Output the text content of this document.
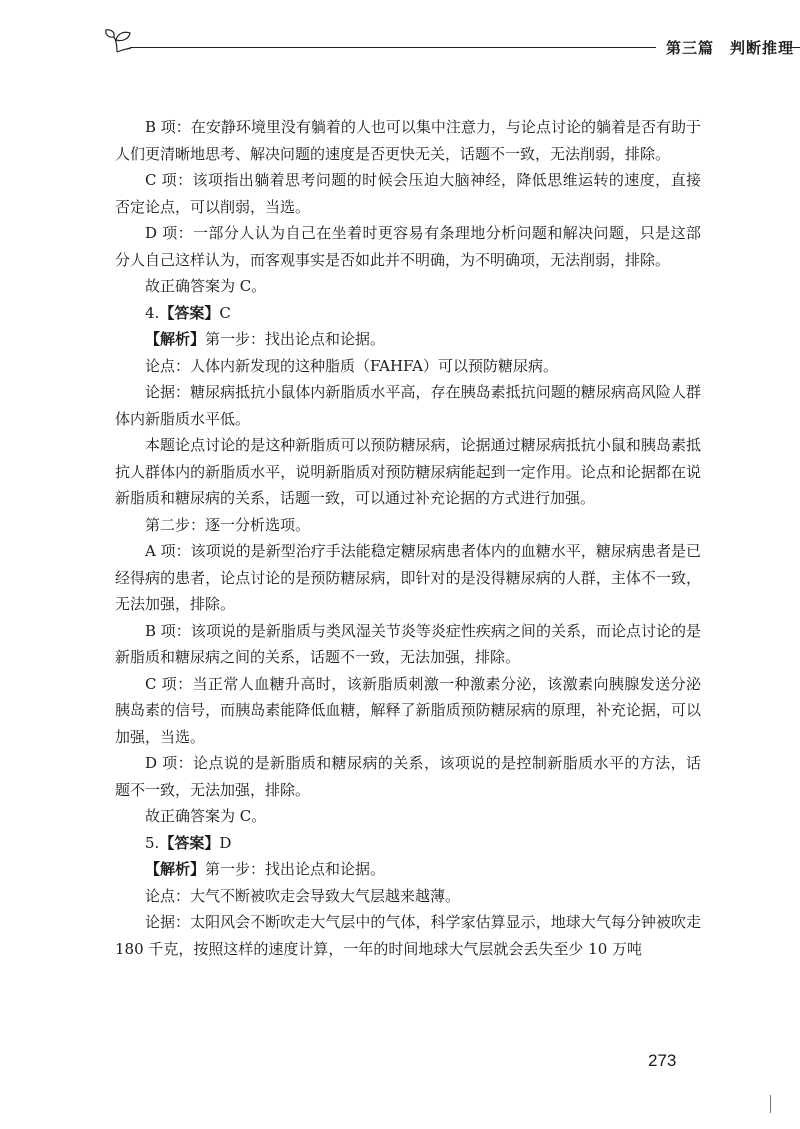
第三篇　判断推理

B 项：在安静环境里没有躺着的人也可以集中注意力，与论点讨论的躺着是否有助于人们更清晰地思考、解决问题的速度是否更快无关，话题不一致，无法削弱，排除。

C 项：该项指出躺着思考问题的时候会压迫大脑神经，降低思维运转的速度，直接否定论点，可以削弱，当选。

D 项：一部分人认为自己在坐着时更容易有条理地分析问题和解决问题，只是这部分人自己这样认为，而客观事实是否如此并不明确，为不明确项，无法削弱，排除。

故正确答案为 C。

4.【答案】C

【解析】第一步：找出论点和论据。

论点：人体内新发现的这种脂质（FAHFA）可以预防糖尿病。

论据：糖尿病抵抗小鼠体内新脂质水平高，存在胰岛素抵抗问题的糖尿病高风险人群体内新脂质水平低。

本题论点讨论的是这种新脂质可以预防糖尿病，论据通过糖尿病抵抗小鼠和胰岛素抵抗人群体内的新脂质水平，说明新脂质对预防糖尿病能起到一定作用。论点和论据都在说新脂质和糖尿病的关系，话题一致，可以通过补充论据的方式进行加强。

第二步：逐一分析选项。

A 项：该项说的是新型治疗手法能稳定糖尿病患者体内的血糖水平，糖尿病患者是已经得病的患者，论点讨论的是预防糖尿病，即针对的是没得糖尿病的人群，主体不一致，无法加强，排除。

B 项：该项说的是新脂质与类风湿关节炎等炎症性疾病之间的关系，而论点讨论的是新脂质和糖尿病之间的关系，话题不一致，无法加强，排除。

C 项：当正常人血糖升高时，该新脂质刺激一种激素分泌，该激素向胰腺发送分泌胰岛素的信号，而胰岛素能降低血糖，解释了新脂质预防糖尿病的原理，补充论据，可以加强，当选。

D 项：论点说的是新脂质和糖尿病的关系，该项说的是控制新脂质水平的方法，话题不一致，无法加强，排除。

故正确答案为 C。

5.【答案】D

【解析】第一步：找出论点和论据。

论点：大气不断被吹走会导致大气层越来越薄。

论据：太阳风会不断吹走大气层中的气体，科学家估算显示，地球大气每分钟被吹走 180 千克，按照这样的速度计算，一年的时间地球大气层就会丢失至少 10 万吨

273
